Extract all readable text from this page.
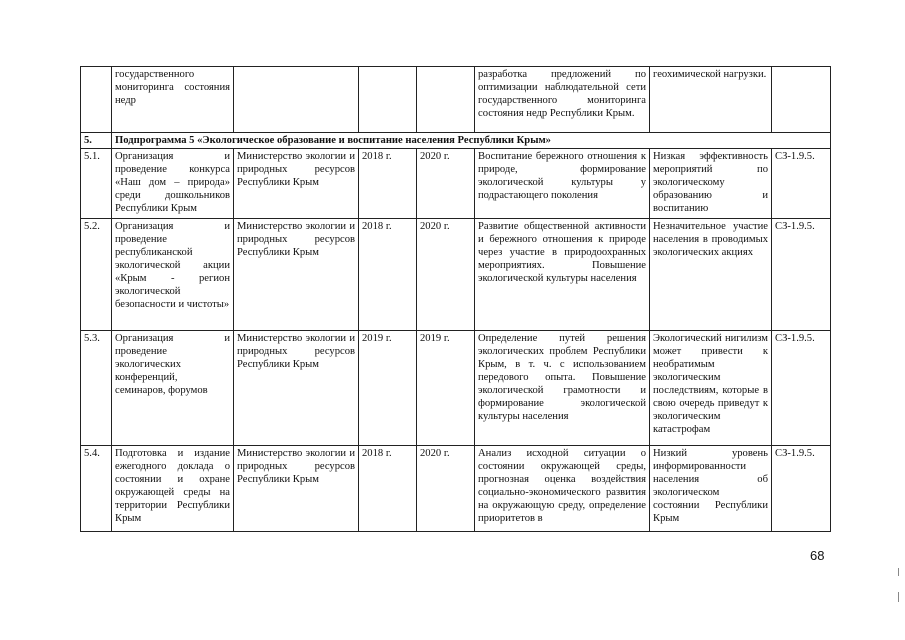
	государственного мониторинга состояния недр				разработка предложений по оптимизации наблюдательной сети государственного мониторинга состояния недр Республики Крым.	геохимической нагрузки.	
5.	Подпрограмма 5 «Экологическое образование и воспитание населения Республики Крым»						
5.1.	Организация и проведение конкурса «Наш дом – природа» среди дошкольников Республики Крым	Министерство экологии и природных ресурсов Республики Крым	2018 г.	2020 г.	Воспитание бережного отношения к природе, формирование экологической культуры у подрастающего поколения	Низкая эффективность мероприятий по экологическому образованию и воспитанию	СЗ-1.9.5.
5.2.	Организация и проведение республиканской экологической акции «Крым - регион экологической безопасности и чистоты»	Министерство экологии и природных ресурсов Республики Крым	2018 г.	2020 г.	Развитие общественной активности и бережного отношения к природе через участие в природоохранных мероприятиях. Повышение экологической культуры населения	Незначительное участие населения в проводимых экологических акциях	СЗ-1.9.5.
5.3.	Организация и проведение экологических конференций, семинаров, форумов	Министерство экологии и природных ресурсов Республики Крым	2019 г.	2019 г.	Определение путей решения экологических проблем Республики Крым, в т. ч. с использованием передового опыта. Повышение экологической грамотности и формирование экологической культуры населения	Экологический нигилизм может привести к необратимым экологическим последствиям, которые в свою очередь приведут к экологическим катастрофам	СЗ-1.9.5.
5.4.	Подготовка и издание ежегодного доклада о состоянии и охране окружающей среды на территории Республики Крым	Министерство экологии и природных ресурсов Республики Крым	2018 г.	2020 г.	Анализ исходной ситуации о состоянии окружающей среды, прогнозная оценка воздействия социально-экономического развития на окружающую среду, определение приоритетов в	Низкий уровень информированности населения об экологическом состоянии Республики Крым	СЗ-1.9.5.
68
